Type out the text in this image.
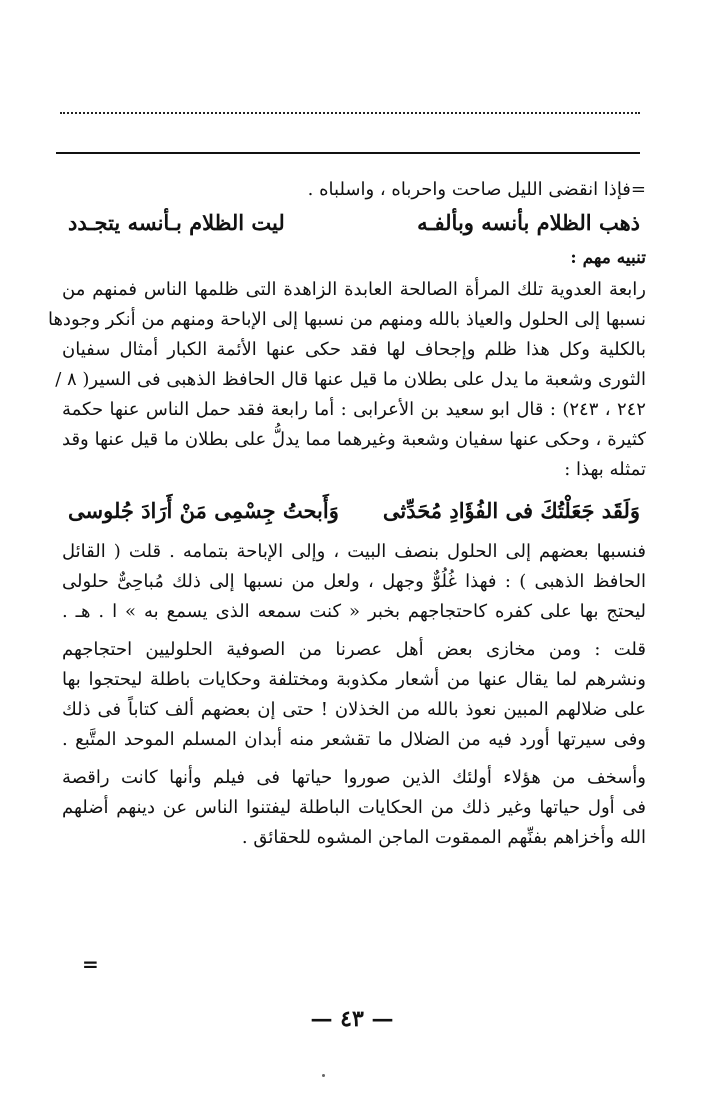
=فإذا انقضى الليل صاحت واحرباه ، واسلباه .
ذهب الظلام بأنسه وبألفـه
ليت الظلام بـأنسه يتجـدد
تنبيه مهم :
رابعة العدوية تلك المرأة الصالحة العابدة الزاهدة التى ظلمها الناس فمنهم من
نسبها إلى الحلول والعياذ بالله ومنهم من نسبها إلى الإباحة ومنهم من أنكر وجودها
بالكلية وكل هذا ظلم وإجحاف لها فقد حكى عنها الأئمة الكبار أمثال سفيان
الثورى وشعبة ما يدل على بطلان ما قيل عنها قال الحافظ الذهبى فى السير( ٨ /
٢٤٢ ، ٢٤٣) : قال ابو سعيد بن الأعرابى : أما رابعة فقد حمل الناس عنها حكمة
كثيرة ، وحكى عنها سفيان وشعبة وغيرهما مما يدلُّ على بطلان ما قيل عنها وقد
تمثله بهذا :
وَلَقَد جَعَلْتُكَ فى الفُؤَادِ مُحَدِّثى
وَأَبحتُ جِسْمِى مَنْ أَرَادَ جُلوسى
فنسبها بعضهم إلى الحلول بنصف البيت ، وإلى الإباحة بتمامه . قلت ( القائل
الحافظ الذهبى ) : فهذا غُلُوٌّ وجهل ، ولعل من نسبها إلى ذلك مُباحِىٌّ حلولى
ليحتج بها على كفره كاحتجاجهم بخبر « كنت سمعه الذى يسمع به » ا . هـ .
قلت : ومن مخازى بعض أهل عصرنا من الصوفية الحلوليين احتجاجهم
ونشرهم لما يقال عنها من أشعار مكذوبة ومختلفة وحكايات باطلة ليحتجوا بها
على ضلالهم المبين نعوذ بالله من الخذلان ! حتى إن بعضهم ألف كتاباً فى ذلك
وفى سيرتها أورد فيه من الضلال ما تقشعر منه أبدان المسلم الموحد المتَّبع .
وأسخف من هؤلاء أولئك الذين صوروا حياتها فى فيلم وأنها كانت راقصة
فى أول حياتها وغير ذلك من الحكايات الباطلة ليفتنوا الناس عن دينهم أضلهم
الله وأخزاهم بفنِّهم الممقوت الماجن المشوه للحقائق .
=
— ٤٣ —
